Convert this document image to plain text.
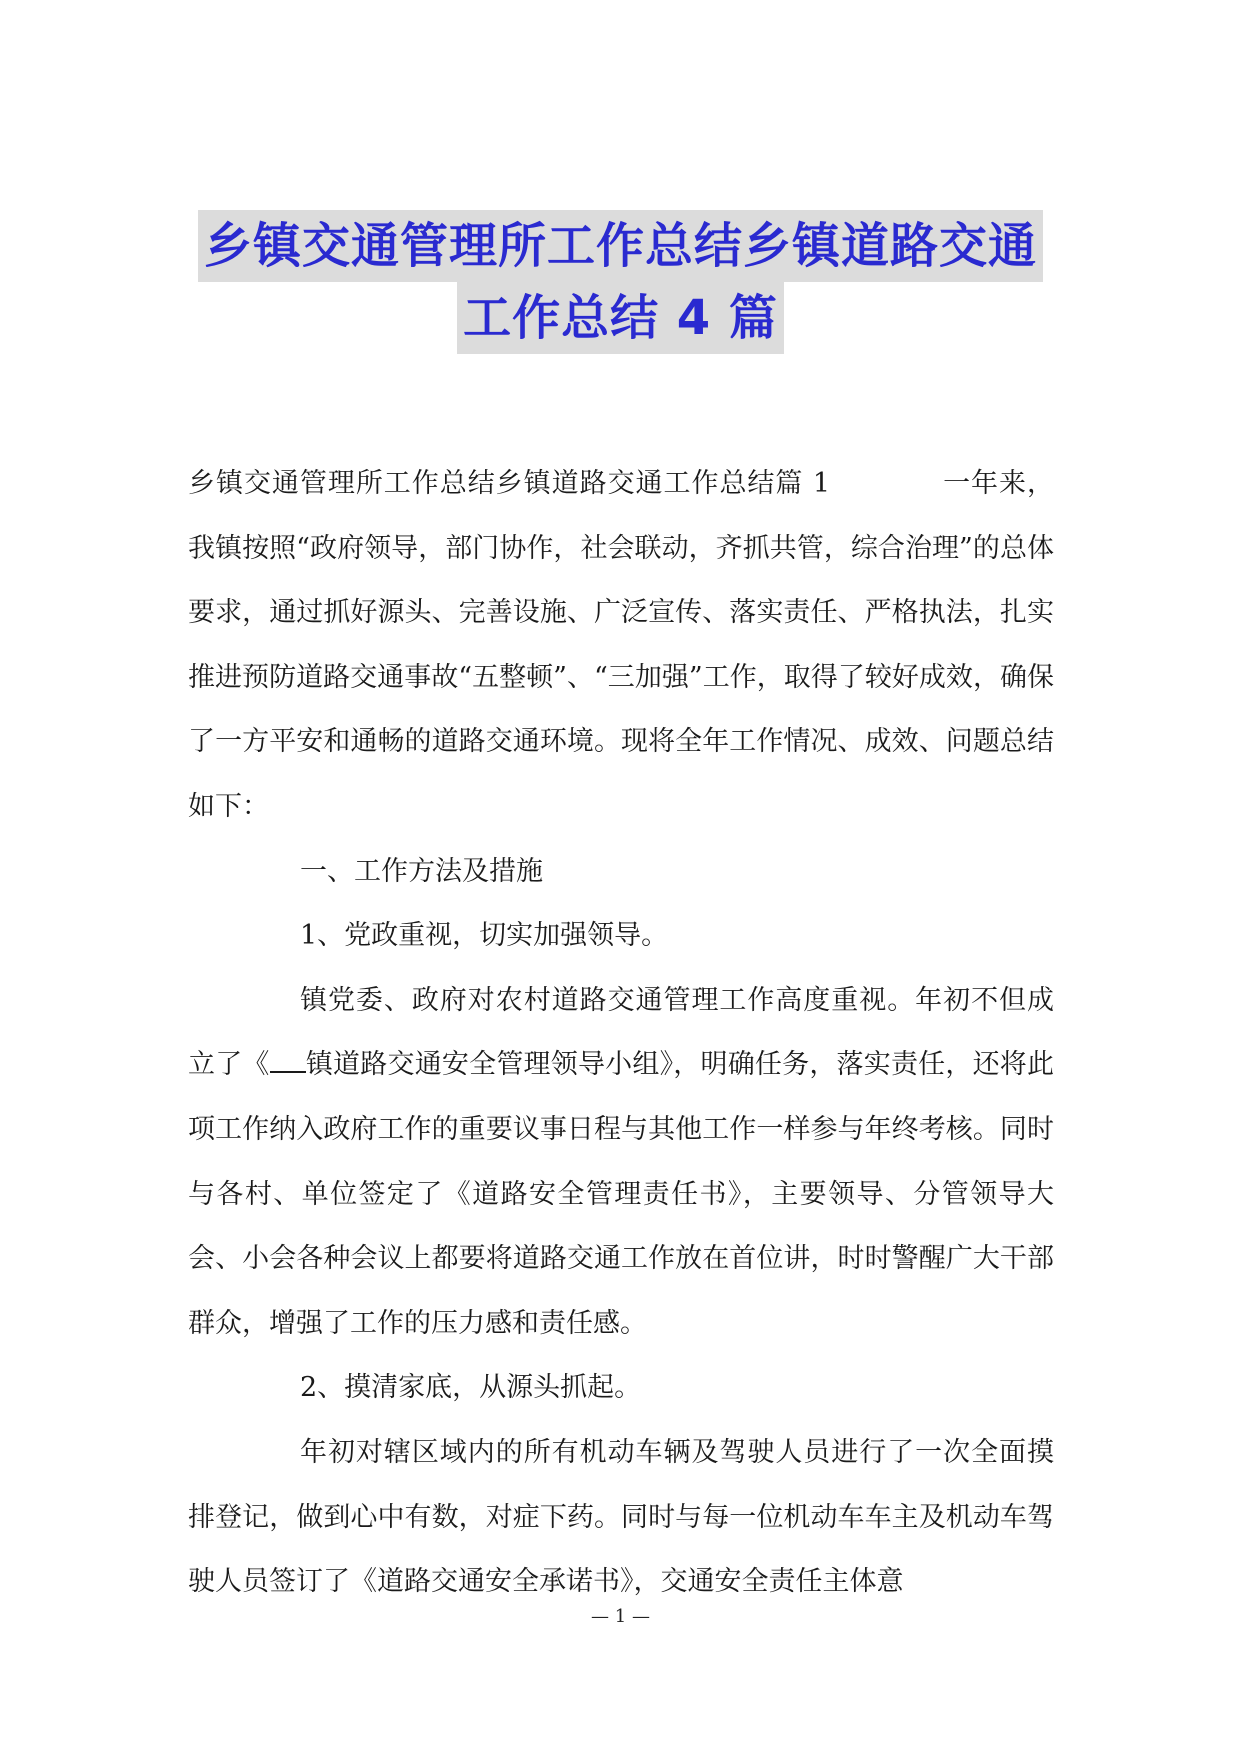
乡镇交通管理所工作总结乡镇道路交通
工作总结 4 篇

乡镇交通管理所工作总结乡镇道路交通工作总结篇 1	一年来，我镇按照“政府领导，部门协作，社会联动，齐抓共管，综合治理”的总体要求，通过抓好源头、完善设施、广泛宣传、落实责任、严格执法，扎实推进预防道路交通事故“五整顿”、“三加强”工作，取得了较好成效，确保了一方平安和通畅的道路交通环境。现将全年工作情况、成效、问题总结如下：

一、工作方法及措施

1、党政重视，切实加强领导。

镇党委、政府对农村道路交通管理工作高度重视。年初不但成立了《 镇道路交通安全管理领导小组》，明确任务，落实责任，还将此项工作纳入政府工作的重要议事日程与其他工作一样参与年终考核。同时与各村、单位签定了《道路安全管理责任书》，主要领导、分管领导大会、小会各种会议上都要将道路交通工作放在首位讲，时时警醒广大干部群众，增强了工作的压力感和责任感。

2、摸清家底，从源头抓起。

年初对辖区域内的所有机动车辆及驾驶人员进行了一次全面摸排登记，做到心中有数，对症下药。同时与每一位机动车车主及机动车驾驶人员签订了《道路交通安全承诺书》，交通安全责任主体意

— 1 —
